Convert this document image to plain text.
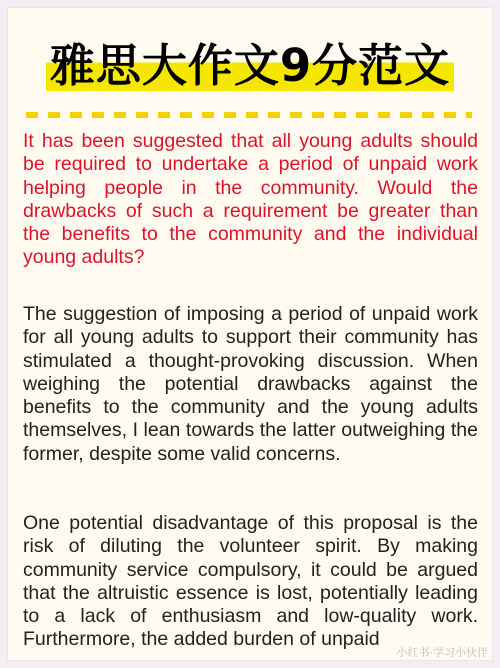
雅思大作文9分范文
It has been suggested that all young adults should be required to undertake a period of unpaid work helping people in the community. Would the drawbacks of such a requirement be greater than the benefits to the community and the individual young adults?
The suggestion of imposing a period of unpaid work for all young adults to support their community has stimulated a thought-provoking discussion. When weighing the potential drawbacks against the benefits to the community and the young adults themselves, I lean towards the latter outweighing the former, despite some valid concerns.
One potential disadvantage of this proposal is the risk of diluting the volunteer spirit. By making community service compulsory, it could be argued that the altruistic essence is lost, potentially leading to a lack of enthusiasm and low-quality work. Furthermore, the added burden of unpaid
小红书·学习小伙伴
